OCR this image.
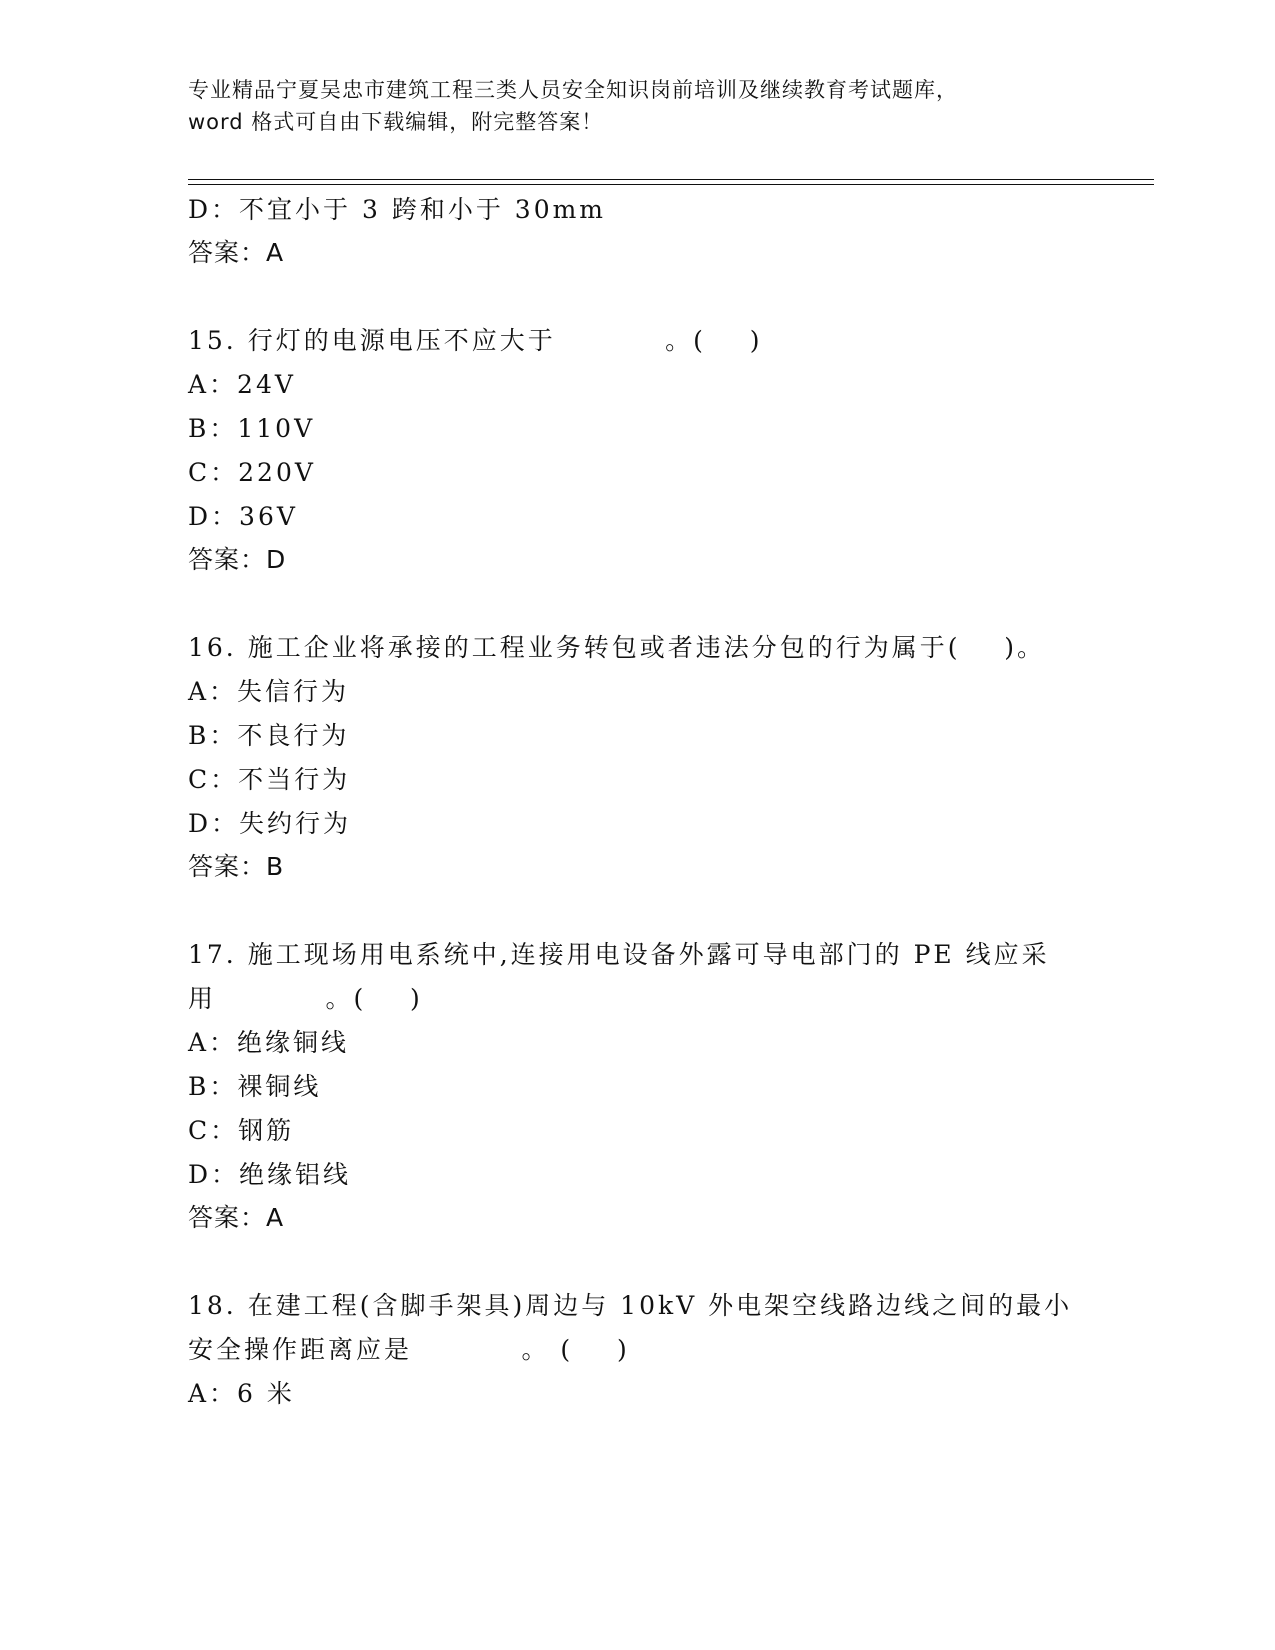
专业精品宁夏吴忠市建筑工程三类人员安全知识岗前培训及继续教育考试题库，
word 格式可自由下载编辑，附完整答案！
D：不宜小于 3 跨和小于 30mm
答案：A
15. 行灯的电源电压不应大于          。(    )
A：24V
B：110V
C：220V
D：36V
答案：D
16. 施工企业将承接的工程业务转包或者违法分包的行为属于(    )。
A：失信行为
B：不良行为
C：不当行为
D：失约行为
答案：B
17. 施工现场用电系统中,连接用电设备外露可导电部门的 PE 线应采
用          。(    )
A：绝缘铜线
B：裸铜线
C：钢筋
D：绝缘铝线
答案：A
18. 在建工程(含脚手架具)周边与 10kV 外电架空线路边线之间的最小
安全操作距离应是          。 (    )
A：6 米
